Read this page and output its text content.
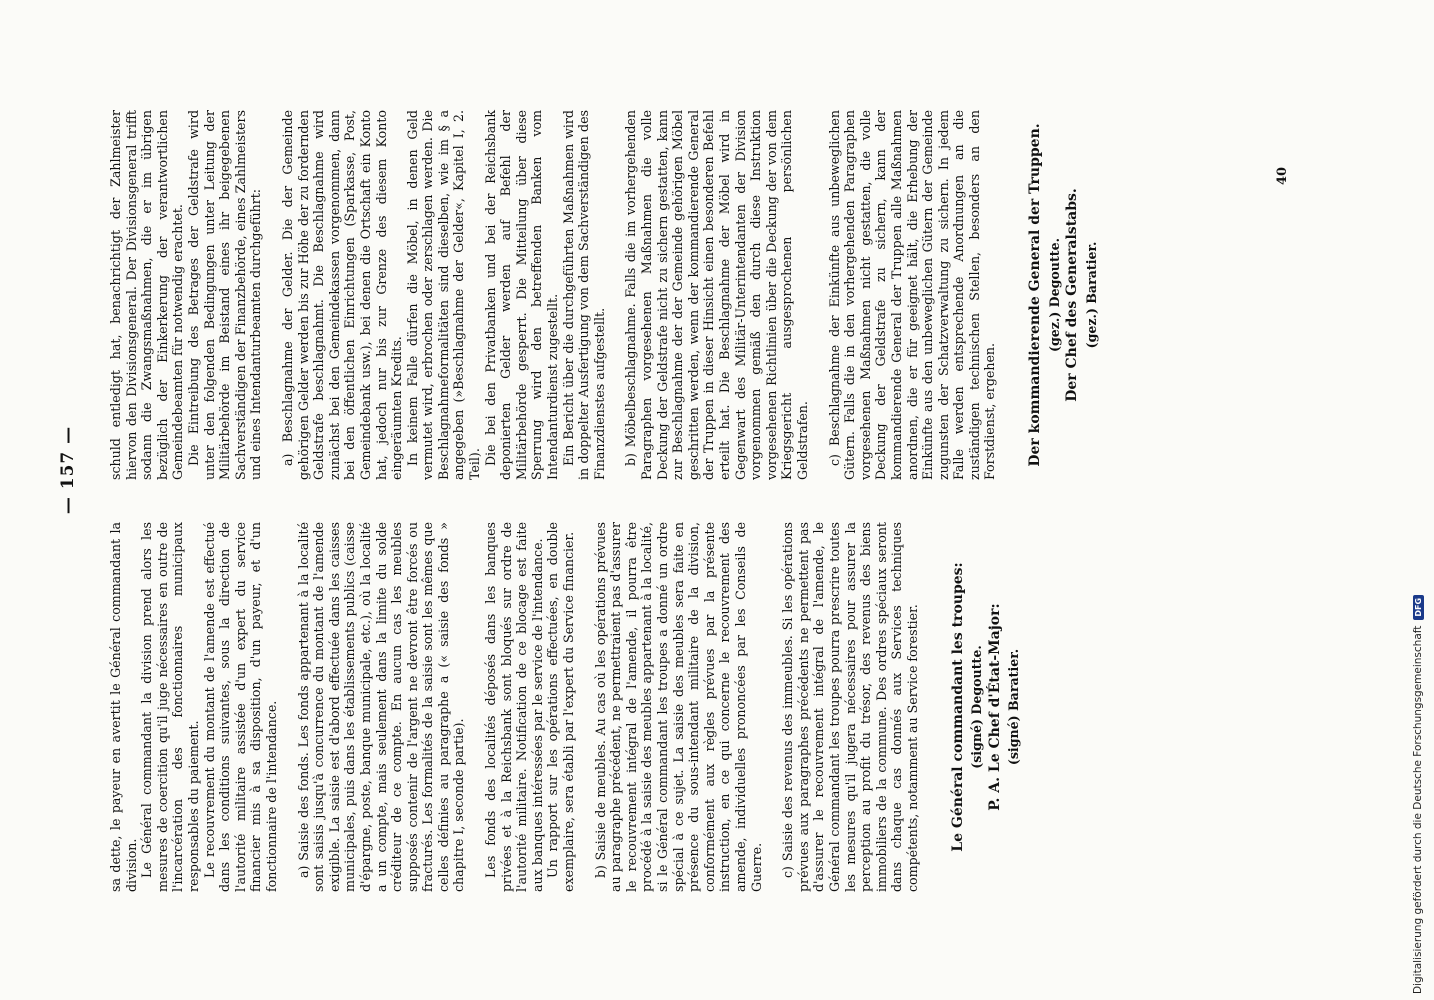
— 157 —

sa dette, le payeur en avertit le Général commandant la division. Le Général commandant la division prend alors les mesures de coercition qu'il juge nécessaires en outre de l'incarcération des fonctionnaires municipaux responsables du paiement. Le recouvrement du montant de l'amende est effectué dans les conditions suivantes, sous la direction de l'autorité militaire assistée d'un expert du service financier mis à sa disposition, d'un payeur, et d'un fonctionnaire de l'intendance. a) Saisie des fonds. Les fonds appartenant à la localité sont saisis jusqu'à concurrence du montant de l'amende exigible. La saisie est d'abord effectuée dans les caisses municipales, puis dans les établissements publics (caisse d'épargne, poste, banque municipale, etc.), où la localité a un compte, mais seulement dans la limite du solde créditeur de ce compte. En aucun cas les meubles supposés contenir de l'argent ne devront être forcés ou fracturés. Les formalités de la saisie sont les mêmes que celles définies au paragraphe a (« saisie des fonds » chapitre I, seconde partie). Les fonds des localités déposés dans les banques privées et à la Reichsbank sont bloqués sur ordre de l'autorité militaire. Notification de ce blocage est faite aux banques intéressées par le service de l'intendance. Un rapport sur les opérations effectuées, en double exemplaire, sera établi par l'expert du Service financier. b) Saisie de meubles. Au cas où les opérations prévues au paragraphe précédent, ne permettraient pas d'assurer le recouvrement intégral de l'amende, il pourra être procédé à la saisie des meubles appartenant à la localité, si le Général commandant les troupes a donné un ordre spécial à ce sujet. La saisie des meubles sera faite en présence du sous-intendant militaire de la division, conformément aux règles prévues par la présente instruction, en ce qui concerne le recouvrement des amende, individuelles prononcées par les Conseils de Guerre. c) Saisie des revenus des immeubles. Si les opérations prévues aux paragraphes précédents ne permettent pas d'assurer le recouvrement intégral de l'amende, le Général commandant les troupes pourra prescrire toutes les mesures qu'il jugera nécessaires pour assurer la perception au profit du trésor, des revenus des biens immobiliers de la commune. Des ordres spéciaux seront dans chaque cas donnés aux Services techniques compétents, notamment au Service forestier. Le Général commandant les troupes: (signé) Degoutte. P. A. Le Chef d'État-Major: (signé) Baratier.

schuld entledigt hat, benachrichtigt der Zahlmeister hiervon den Divisionsgeneral. Der Divisionsgeneral trifft sodann die Zwangsmaßnahmen, die er im übrigen bezüglich der Einkerkerung der verantwortlichen Gemeindebeamten für notwendig erachtet. Die Eintreibung des Betrages der Geldstrafe wird unter den folgenden Bedingungen unter Leitung der Militärbehörde im Beistand eines ihr beigegebenen Sachverständigen der Finanzbehörde, eines Zahlmeisters und eines Intendanturbeamten durchgeführt: a) Beschlagnahme der Gelder. Die der Gemeinde gehörigen Gelder werden bis zur Höhe der zu fordernden Geldstrafe beschlagnahmt. Die Beschlagnahme wird zunächst bei den Gemeindekassen vorgenommen, dann bei den öffentlichen Einrichtungen (Sparkasse, Post, Gemeindebank usw.), bei denen die Ortschaft ein Konto hat, jedoch nur bis zur Grenze des diesem Konto eingeräumten Kredits. In keinem Falle dürfen die Möbel, in denen Geld vermutet wird, erbrochen oder zerschlagen werden. Die Beschlagnahmeformalitäten sind dieselben, wie im § a angegeben (»Beschlagnahme der Gelder«, Kapitel I, 2. Teil). Die bei den Privatbanken und bei der Reichsbank deponierten Gelder werden auf Befehl der Militärbehörde gesperrt. Die Mitteilung über diese Sperrung wird den betreffenden Banken vom Intendanturdienst zugestellt. Ein Bericht über die durchgeführten Maßnahmen wird in doppelter Ausfertigung von dem Sachverständigen des Finanzdienstes aufgestellt. b) Möbelbeschlagnahme. Falls die im vorhergehenden Paragraphen vorgesehenen Maßnahmen die volle Deckung der Geldstrafe nicht zu sichern gestatten, kann zur Beschlagnahme der der Gemeinde gehörigen Möbel geschritten werden, wenn der kommandierende General der Truppen in dieser Hinsicht einen besonderen Befehl erteilt hat. Die Beschlagnahme der Möbel wird in Gegenwart des Militär-Unterintendanten der Division vorgenommen gemäß den durch diese Instruktion vorgesehenen Richtlinien über die Deckung der von dem Kriegsgericht ausgesprochenen persönlichen Geldstrafen. c) Beschlagnahme der Einkünfte aus unbeweglichen Gütern. Falls die in den vorhergehenden Paragraphen vorgesehenen Maßnahmen nicht gestatten, die volle Deckung der Geldstrafe zu sichern, kann der kommandierende General der Truppen alle Maßnahmen anordnen, die er für geeignet hält, die Erhebung der Einkünfte aus den unbeweglichen Gütern der Gemeinde zugunsten der Schatzverwaltung zu sichern. In jedem Falle werden entsprechende Anordnungen an die zuständigen technischen Stellen, besonders an den Forstdienst, ergehen. Der kommandierende General der Truppen. (gez.) Degoutte. Der Chef des Generalstabs. (gez.) Baratier.
40
Digitalisierung gefördert durch die Deutsche Forschungsgemeinschaft
DFG
